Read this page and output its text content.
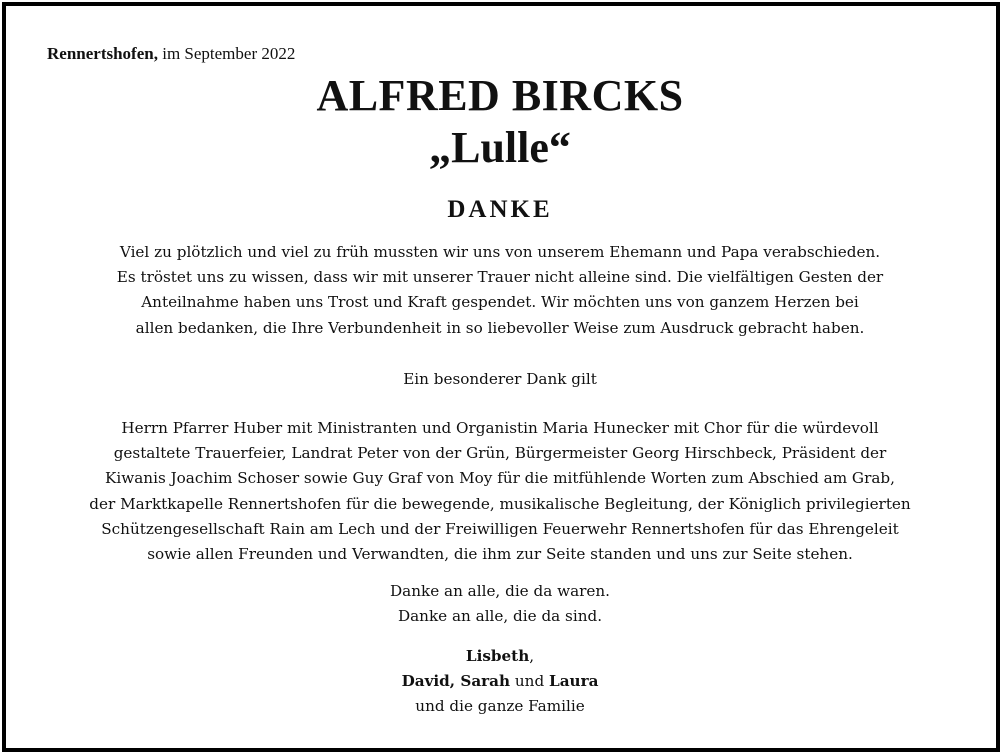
Rennertshofen, im September 2022
ALFRED BIRCKS
„Lulle“
DANKE
Viel zu plötzlich und viel zu früh mussten wir uns von unserem Ehemann und Papa verabschieden.
Es tröstet uns zu wissen, dass wir mit unserer Trauer nicht alleine sind. Die vielfältigen Gesten der
Anteilnahme haben uns Trost und Kraft gespendet. Wir möchten uns von ganzem Herzen bei
allen bedanken, die Ihre Verbundenheit in so liebevoller Weise zum Ausdruck gebracht haben.
Ein besonderer Dank gilt
Herrn Pfarrer Huber mit Ministranten und Organistin Maria Hunecker mit Chor für die würdevoll
gestaltete Trauerfeier, Landrat Peter von der Grün, Bürgermeister Georg Hirschbeck, Präsident der
Kiwanis Joachim Schoser sowie Guy Graf von Moy für die mitfühlende Worten zum Abschied am Grab,
der Marktkapelle Rennertshofen für die bewegende, musikalische Begleitung, der Königlich privilegierten
Schützengesellschaft Rain am Lech und der Freiwilligen Feuerwehr Rennertshofen für das Ehrengeleit
sowie allen Freunden und Verwandten, die ihm zur Seite standen und uns zur Seite stehen.
Danke an alle, die da waren.
Danke an alle, die da sind.
Lisbeth,
David, Sarah und Laura
und die ganze Familie
